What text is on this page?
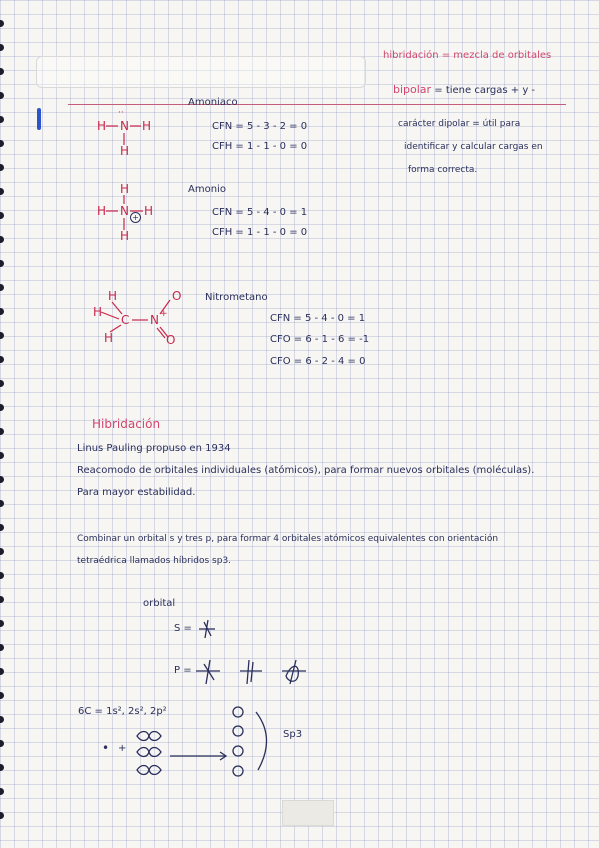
hibridación = mezcla de orbitales
bipolar = tiene cargas + y -
carácter dipolar = útil para
identificar y calcular cargas en
forma correcta.
Amoniaco
··
H N H
H
CFN = 5 - 3 - 2 = 0
CFH = 1 - 1 - 0 = 0
Amonio
H
H N H
H
+	CFN = 5 - 4 - 0 = 1
CFH = 1 - 1 - 0 = 0
Nitrometano
H
H
H
C N +
O
O
CFN = 5 - 4 - 0 = 1
CFO = 6 - 1 - 6 = -1
CFO = 6 - 2 - 4 = 0
Hibridación
Linus Pauling propuso en 1934
Reacomodo de orbitales individuales (atómicos), para formar nuevos orbitales (moléculas).
Para mayor estabilidad.
Combinar un orbital s y tres p, para formar 4 orbitales atómicos equivalentes con orientación
tetraédrica llamados híbridos sp3.
orbital
S =
P =
6C = 1s², 2s², 2p²
Sp3
• +
